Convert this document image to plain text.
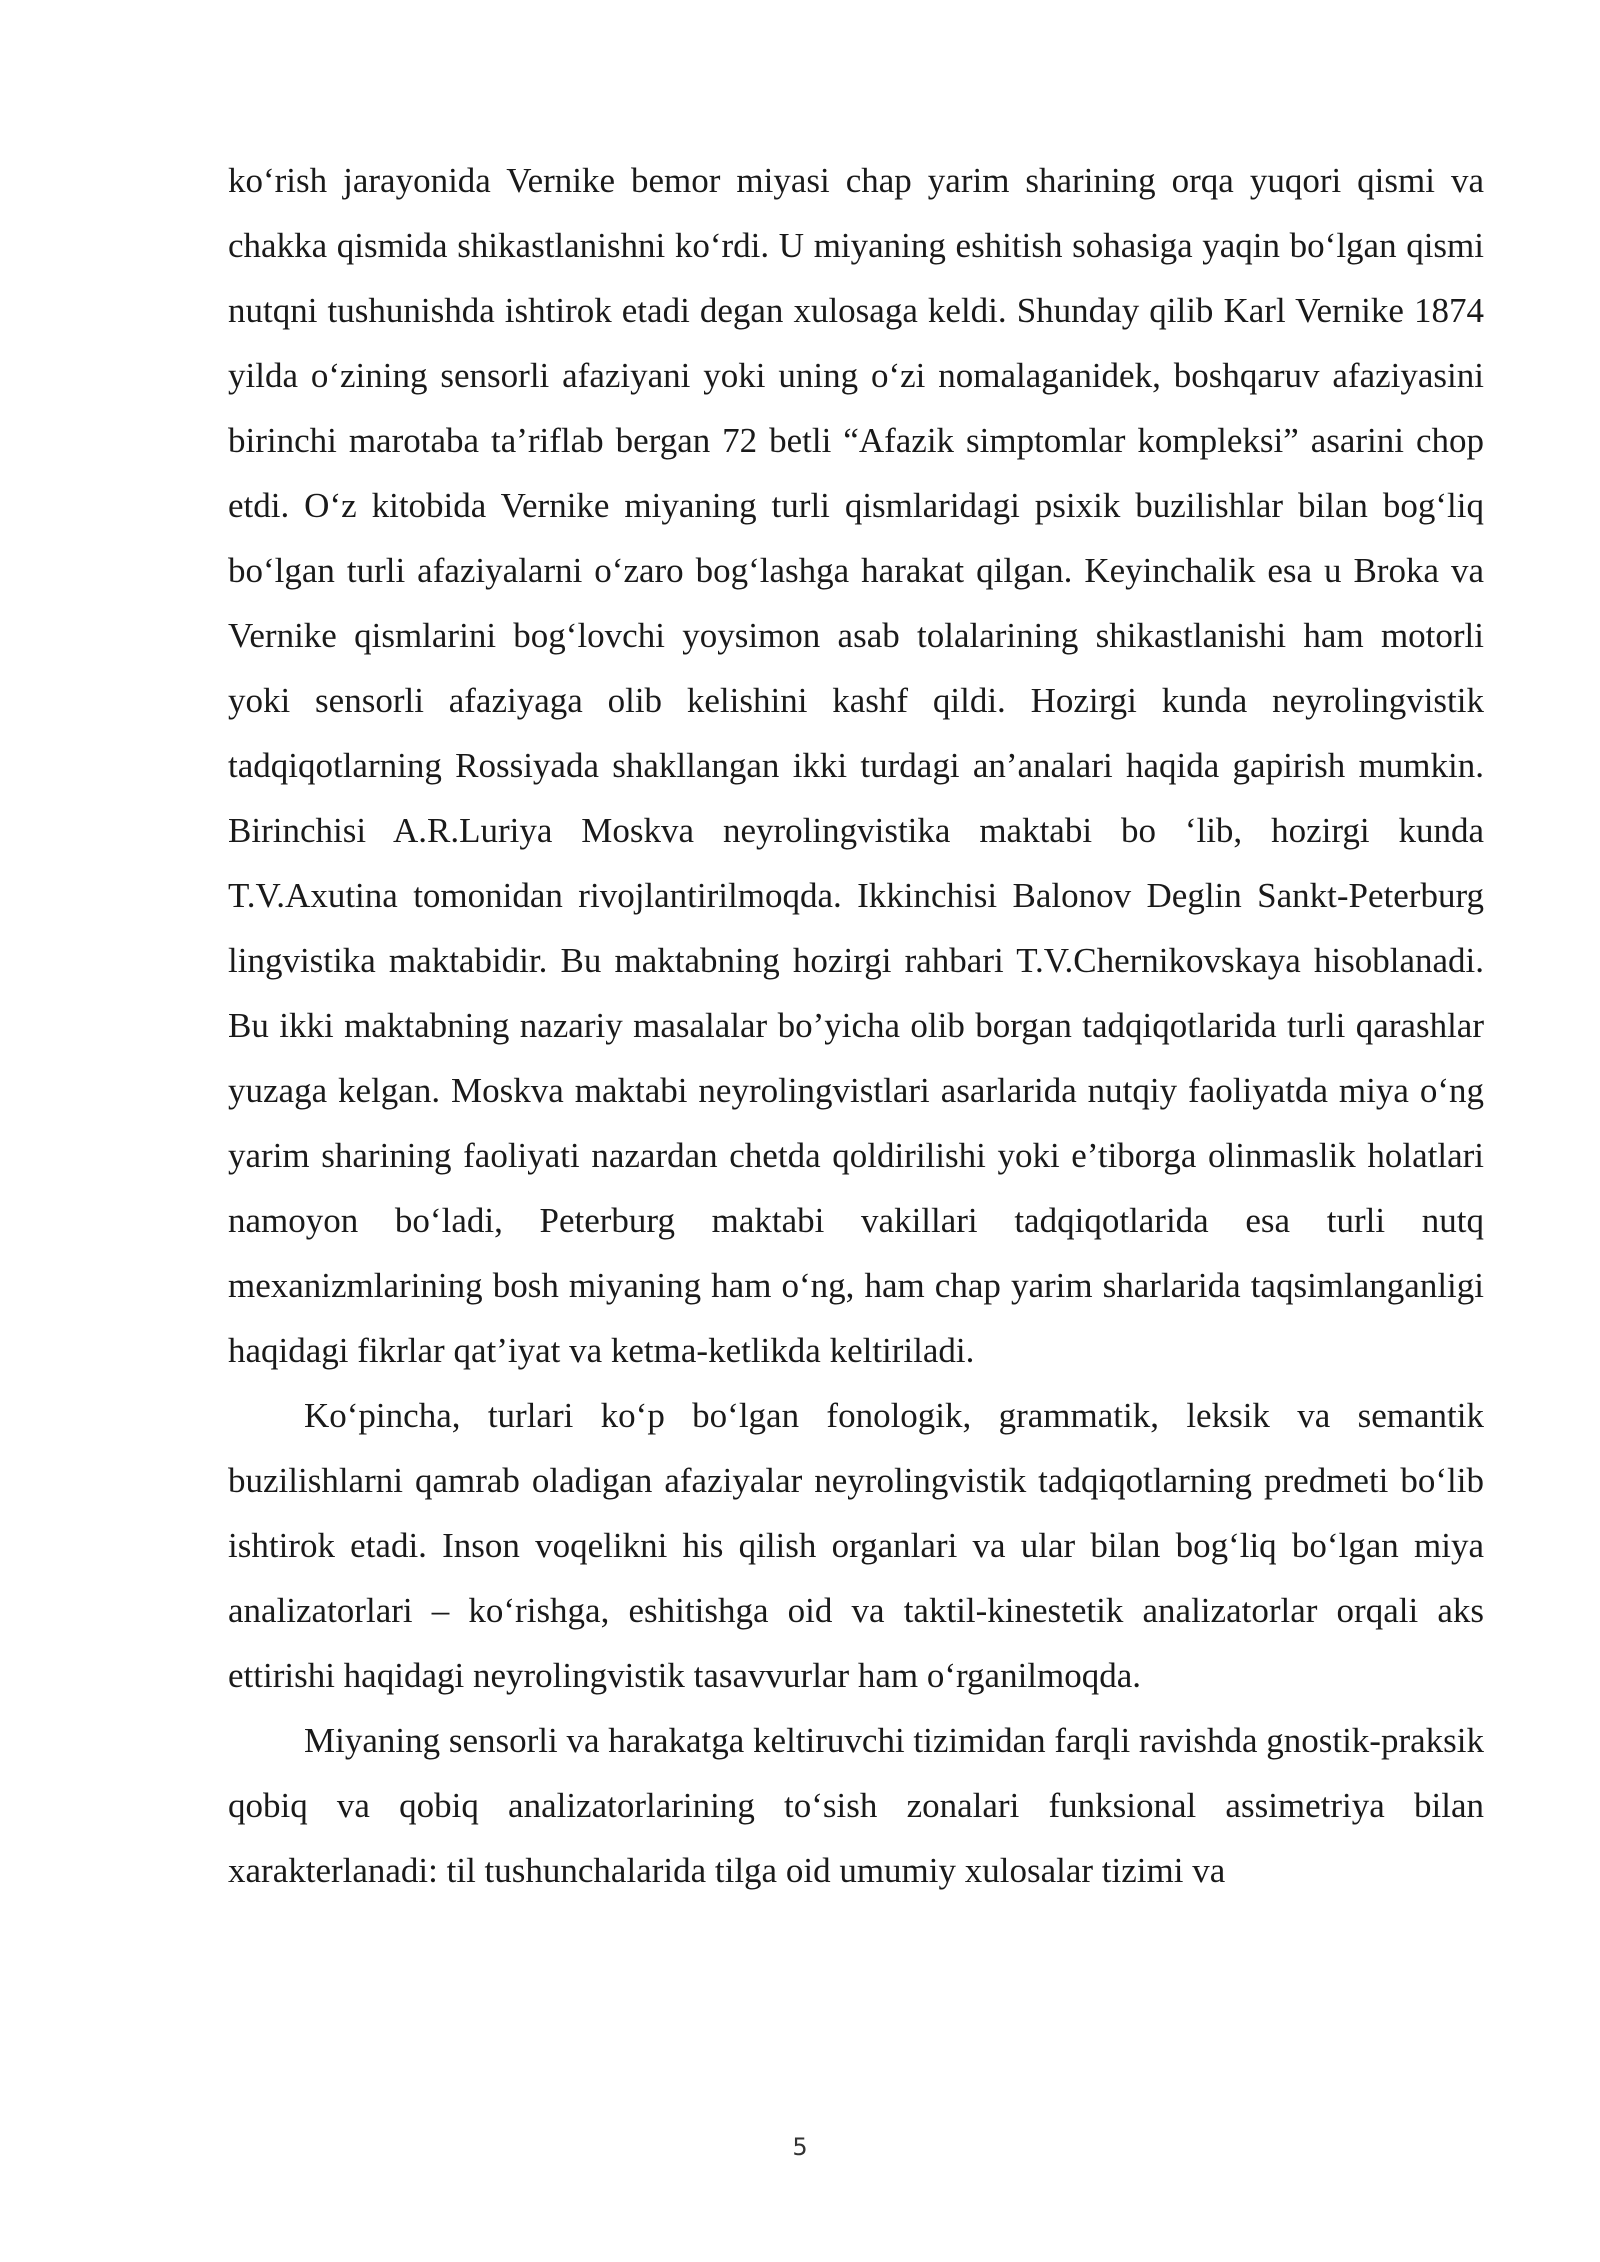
ko‘rish jarayonida Vernike bemor miyasi chap yarim sharining orqa yuqori qismi va chakka qismida shikastlanishni ko‘rdi. U miyaning eshitish sohasiga yaqin bo‘lgan qismi nutqni tushunishda ishtirok etadi degan xulosaga keldi. Shunday qilib Karl Vernike 1874 yilda o‘zining sensorli afaziyani yoki uning o‘zi nomalaganidek, boshqaruv afaziyasini birinchi marotaba ta’riflab bergan 72 betli “Afazik simptomlar kompleksi” asarini chop etdi. O‘z kitobida Vernike miyaning turli qismlaridagi psixik buzilishlar bilan bog‘liq bo‘lgan turli afaziyalarni o‘zaro bog‘lashga harakat qilgan. Keyinchalik esa u Broka va Vernike qismlarini bog‘lovchi yoysimon asab tolalarining shikastlanishi ham motorli yoki sensorli afaziyaga olib kelishini kashf qildi. Hozirgi kunda neyrolingvistik tadqiqotlarning Rossiyada shakllangan ikki turdagi an’analari haqida gapirish mumkin. Birinchisi A.R.Luriya Moskva neyrolingvistika maktabi bo ‘lib, hozirgi kunda T.V.Axutina tomonidan rivojlantirilmoqda. Ikkinchisi Balonov Deglin Sankt-Peterburg lingvistika maktabidir. Bu maktabning hozirgi rahbari T.V.Chernikovskaya hisoblanadi. Bu ikki maktabning nazariy masalalar bo’yicha olib borgan tadqiqotlarida turli qarashlar yuzaga kelgan. Moskva maktabi neyrolingvistlari asarlarida nutqiy faoliyatda miya o‘ng yarim sharining faoliyati nazardan chetda qoldirilishi yoki e’tiborga olinmaslik holatlari namoyon bo‘ladi, Peterburg maktabi vakillari tadqiqotlarida esa turli nutq mexanizmlarining bosh miyaning ham o‘ng, ham chap yarim sharlarida taqsimlanganligi haqidagi fikrlar qat’iyat va ketma-ketlikda keltiriladi.

Ko‘pincha, turlari ko‘p bo‘lgan fonologik, grammatik, leksik va semantik buzilishlarni qamrab oladigan afaziyalar neyrolingvistik tadqiqotlarning predmeti bo‘lib ishtirok etadi. Inson voqelikni his qilish organlari va ular bilan bog‘liq bo‘lgan miya analizatorlari – ko‘rishga, eshitishga oid va taktil-kinestetik analizatorlar orqali aks ettirishi haqidagi neyrolingvistik tasavvurlar ham o‘rganilmoqda.

Miyaning sensorli va harakatga keltiruvchi tizimidan farqli ravishda gnostik-praksik qobiq va qobiq analizatorlarining to‘sish zonalari funksional assimetriya bilan xarakterlanadi: til tushunchalarida tilga oid umumiy xulosalar tizimi va

5
